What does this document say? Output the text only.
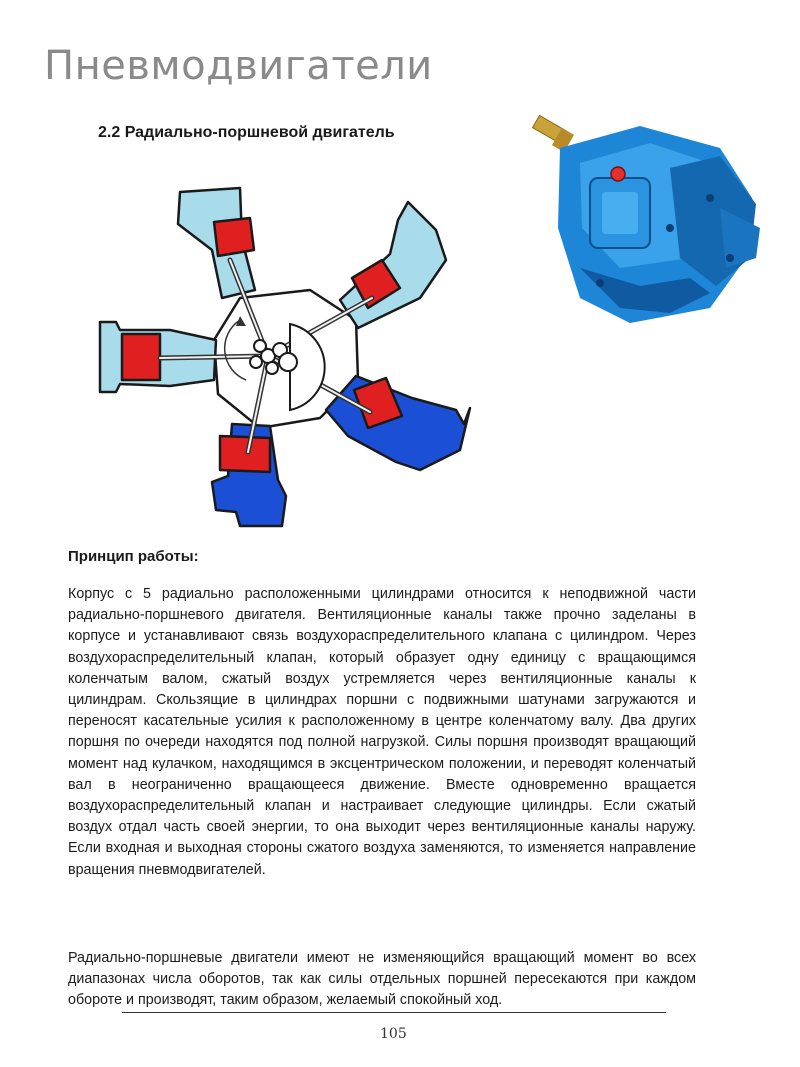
Пневмодвигатели
2.2 Радиально-поршневой двигатель
Принцип работы:

Корпус с 5 радиально расположенными цилиндрами относится к неподвижной части радиально-поршневого двигателя. Вентиляционные каналы также прочно заделаны в корпусе и устанавливают связь воздухораспределительного клапана с цилиндром. Через воздухораспределительный клапан, который образует одну единицу с вращающимся коленчатым валом, сжатый воздух устремляется через вентиляционные каналы к цилиндрам. Скользящие в цилиндрах поршни с подвижными шатунами загружаются и переносят касательные усилия к расположенному в центре коленчатому валу. Два других поршня по очереди находятся под полной нагрузкой. Силы поршня производят вращающий момент над кулачком, находящимся в эксцентрическом положении, и переводят коленчатый вал в неограниченно вращающееся движение. Вместе одновременно вращается воздухораспределительный клапан и настраивает следующие цилиндры. Если сжатый воздух отдал часть своей энергии, то она выходит через вентиляционные каналы наружу. Если входная и выходная стороны сжатого воздуха заменяются, то изменяется направление вращения пневмодвигателей.

Радиально-поршневые двигатели имеют не изменяющийся вращающий момент во всех диапазонах числа оборотов, так как силы отдельных поршней пересекаются при каждом обороте и производят, таким образом, желаемый спокойный ход.

105
